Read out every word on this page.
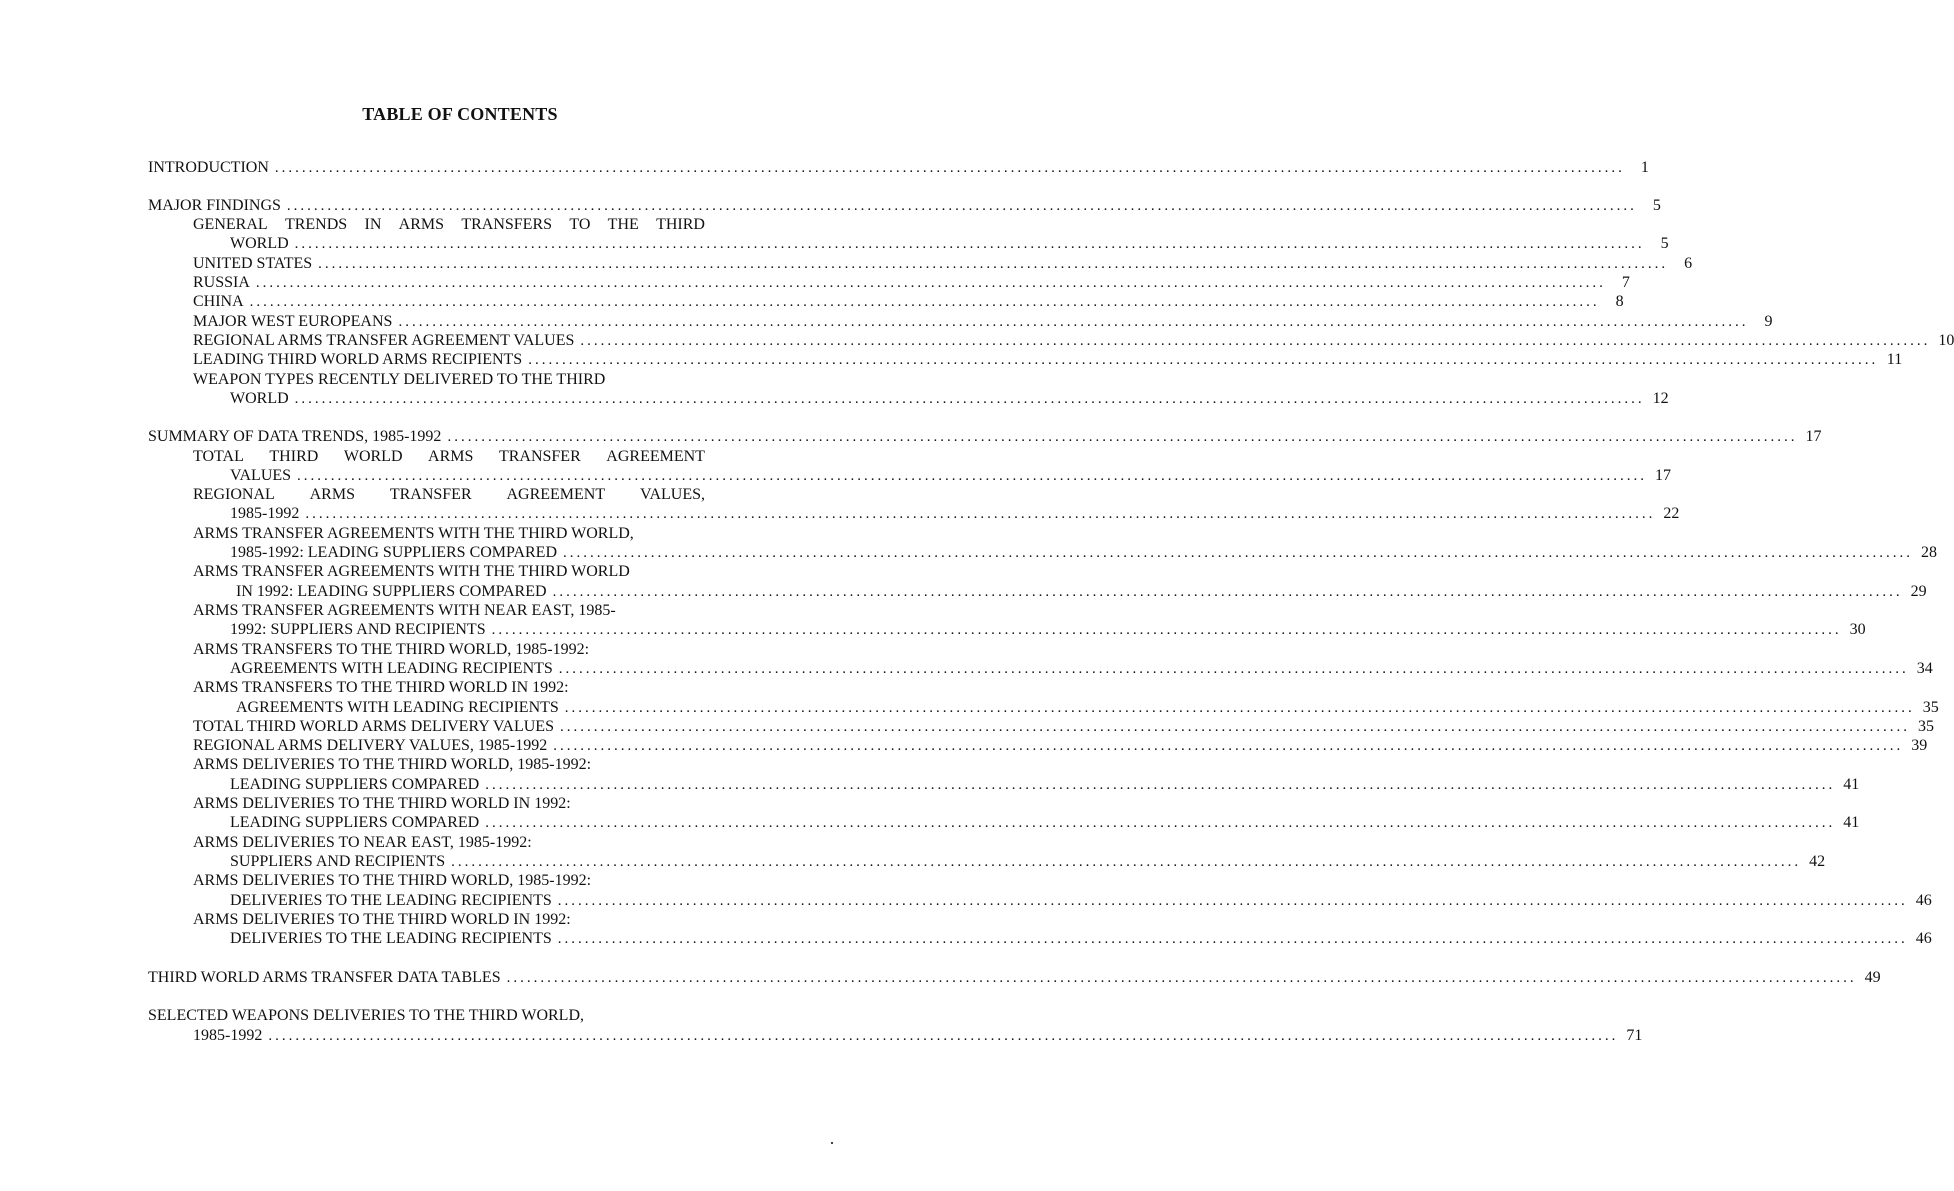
TABLE OF CONTENTS
INTRODUCTION ........................................................................................................................................................................................................	1
MAJOR FINDINGS ........................................................................................................................................................................................................	5
GENERAL TRENDS IN ARMS TRANSFERS TO THE THIRD
WORLD ........................................................................................................................................................................................................	5
UNITED STATES ........................................................................................................................................................................................................	6
RUSSIA ........................................................................................................................................................................................................	7
CHINA ........................................................................................................................................................................................................	8
MAJOR WEST EUROPEANS ........................................................................................................................................................................................................	9
REGIONAL ARMS TRANSFER AGREEMENT VALUES ........................................................................................................................................................................................................ 10
LEADING THIRD WORLD ARMS RECIPIENTS ........................................................................................................................................................................................................ 11
WEAPON TYPES RECENTLY DELIVERED TO THE THIRD
WORLD ........................................................................................................................................................................................................ 12
SUMMARY OF DATA TRENDS, 1985-1992 ........................................................................................................................................................................................................ 17
TOTAL THIRD WORLD ARMS TRANSFER AGREEMENT
VALUES ........................................................................................................................................................................................................ 17
REGIONAL ARMS TRANSFER AGREEMENT VALUES,
1985-1992 ........................................................................................................................................................................................................ 22
ARMS TRANSFER AGREEMENTS WITH THE THIRD WORLD,
1985-1992: LEADING SUPPLIERS COMPARED ........................................................................................................................................................................................................ 28
ARMS TRANSFER AGREEMENTS WITH THE THIRD WORLD
IN 1992: LEADING SUPPLIERS COMPARED ........................................................................................................................................................................................................ 29
ARMS TRANSFER AGREEMENTS WITH NEAR EAST, 1985-
1992: SUPPLIERS AND RECIPIENTS ........................................................................................................................................................................................................ 30
ARMS TRANSFERS TO THE THIRD WORLD, 1985-1992:
AGREEMENTS WITH LEADING RECIPIENTS ........................................................................................................................................................................................................ 34
ARMS TRANSFERS TO THE THIRD WORLD IN 1992:
AGREEMENTS WITH LEADING RECIPIENTS ........................................................................................................................................................................................................ 35
TOTAL THIRD WORLD ARMS DELIVERY VALUES ........................................................................................................................................................................................................ 35
REGIONAL ARMS DELIVERY VALUES, 1985-1992 ........................................................................................................................................................................................................ 39
ARMS DELIVERIES TO THE THIRD WORLD, 1985-1992:
LEADING SUPPLIERS COMPARED ........................................................................................................................................................................................................ 41
ARMS DELIVERIES TO THE THIRD WORLD IN 1992:
LEADING SUPPLIERS COMPARED ........................................................................................................................................................................................................ 41
ARMS DELIVERIES TO NEAR EAST, 1985-1992:
SUPPLIERS AND RECIPIENTS ........................................................................................................................................................................................................ 42
ARMS DELIVERIES TO THE THIRD WORLD, 1985-1992:
DELIVERIES TO THE LEADING RECIPIENTS ........................................................................................................................................................................................................ 46
ARMS DELIVERIES TO THE THIRD WORLD IN 1992:
DELIVERIES TO THE LEADING RECIPIENTS ........................................................................................................................................................................................................ 46
THIRD WORLD ARMS TRANSFER DATA TABLES ........................................................................................................................................................................................................ 49
SELECTED WEAPONS DELIVERIES TO THE THIRD WORLD,
1985-1992 ........................................................................................................................................................................................................ 71
